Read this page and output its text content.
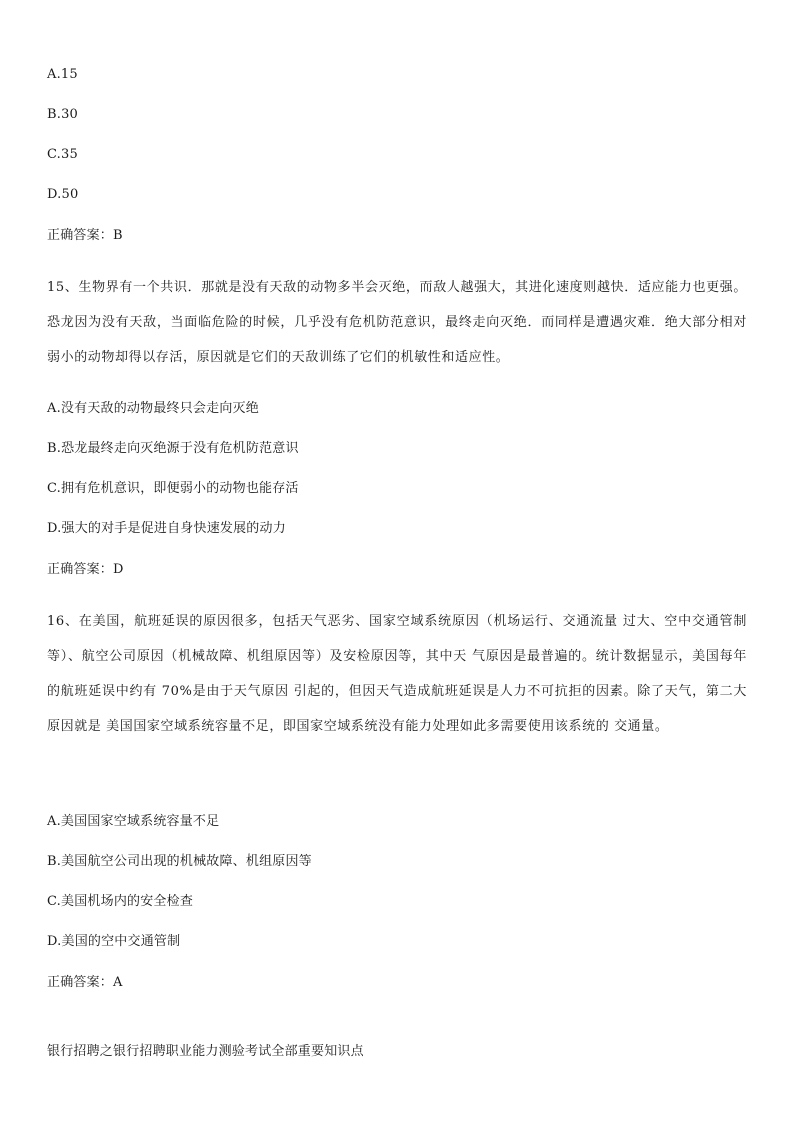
A.15
B.30
C.35
D.50
正确答案：B
15、生物界有一个共识．那就是没有天敌的动物多半会灭绝，而敌人越强大，其进化速度则越快．适应能力也更强。恐龙因为没有天敌，当面临危险的时候，几乎没有危机防范意识，最终走向灭绝．而同样是遭遇灾难．绝大部分相对弱小的动物却得以存活，原因就是它们的天敌训练了它们的机敏性和适应性。
A.没有天敌的动物最终只会走向灭绝
B.恐龙最终走向灭绝源于没有危机防范意识
C.拥有危机意识，即便弱小的动物也能存活
D.强大的对手是促进自身快速发展的动力
正确答案：D
16、在美国，航班延误的原因很多，包括天气恶劣、国家空域系统原因（机场运行、交通流量 过大、空中交通管制等）、航空公司原因（机械故障、机组原因等）及安检原因等，其中天 气原因是最普遍的。统计数据显示，美国每年的航班延误中约有 70%是由于天气原因 引起的，但因天气造成航班延误是人力不可抗拒的因素。除了天气，第二大原因就是 美国国家空域系统容量不足，即国家空域系统没有能力处理如此多需要使用该系统的 交通量。
A.美国国家空域系统容量不足
B.美国航空公司出现的机械故障、机组原因等
C.美国机场内的安全检查
D.美国的空中交通管制
正确答案：A
银行招聘之银行招聘职业能力测验考试全部重要知识点
